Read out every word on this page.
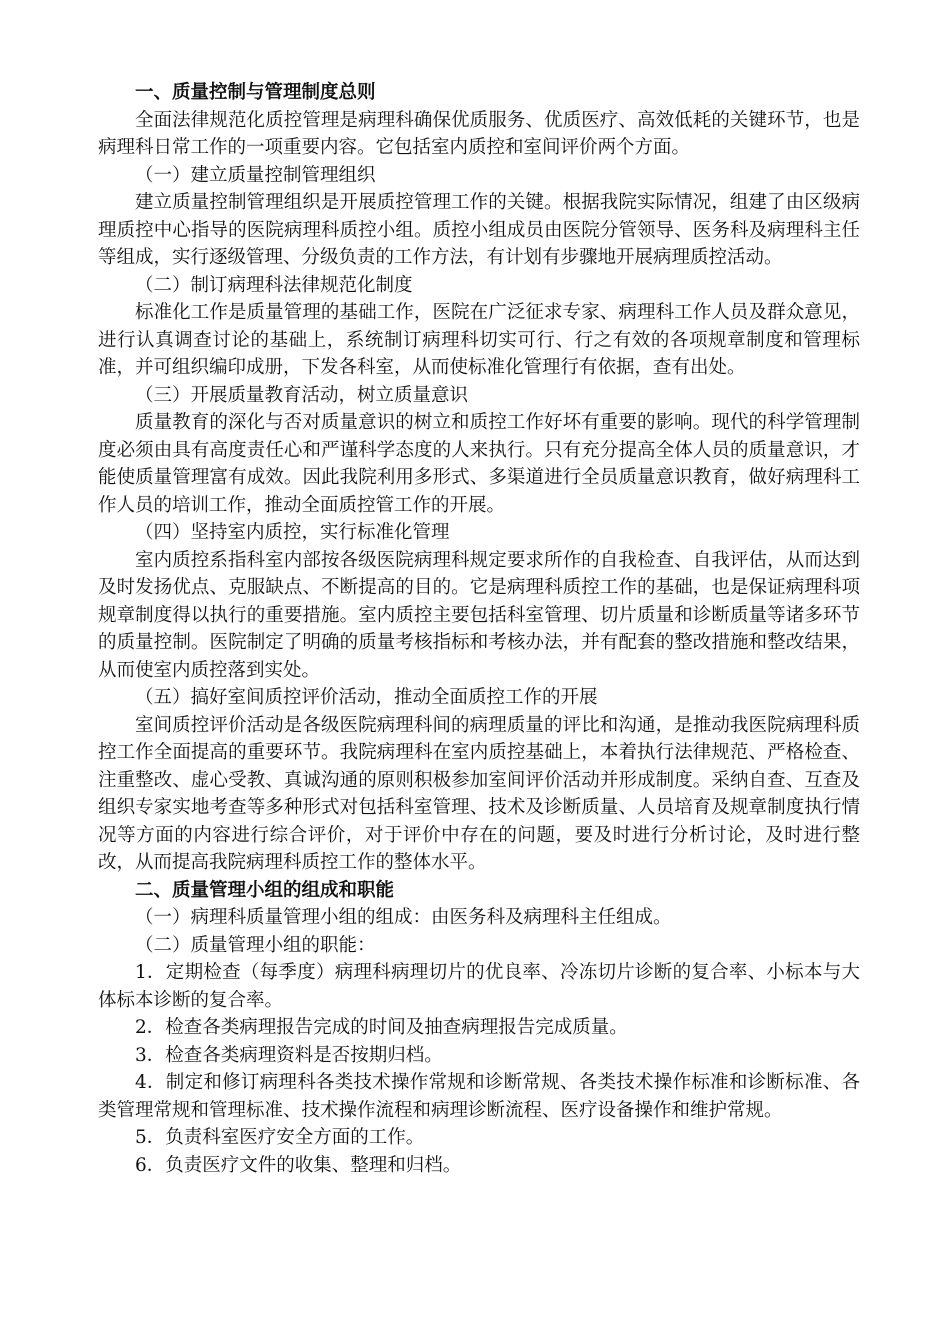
一、质量控制与管理制度总则

全面法律规范化质控管理是病理科确保优质服务、优质医疗、高效低耗的关键环节，也是病理科日常工作的一项重要内容。它包括室内质控和室间评价两个方面。

（一）建立质量控制管理组织

建立质量控制管理组织是开展质控管理工作的关键。根据我院实际情况，组建了由区级病理质控中心指导的医院病理科质控小组。质控小组成员由医院分管领导、医务科及病理科主任等组成，实行逐级管理、分级负责的工作方法，有计划有步骤地开展病理质控活动。

（二）制订病理科法律规范化制度

标准化工作是质量管理的基础工作，医院在广泛征求专家、病理科工作人员及群众意见，进行认真调查讨论的基础上，系统制订病理科切实可行、行之有效的各项规章制度和管理标准，并可组织编印成册，下发各科室，从而使标准化管理行有依据，查有出处。

（三）开展质量教育活动，树立质量意识

质量教育的深化与否对质量意识的树立和质控工作好坏有重要的影响。现代的科学管理制度必须由具有高度责任心和严谨科学态度的人来执行。只有充分提高全体人员的质量意识，才能使质量管理富有成效。因此我院利用多形式、多渠道进行全员质量意识教育，做好病理科工作人员的培训工作，推动全面质控管工作的开展。

（四）坚持室内质控，实行标准化管理

室内质控系指科室内部按各级医院病理科规定要求所作的自我检查、自我评估，从而达到及时发扬优点、克服缺点、不断提高的目的。它是病理科质控工作的基础，也是保证病理科项规章制度得以执行的重要措施。室内质控主要包括科室管理、切片质量和诊断质量等诸多环节的质量控制。医院制定了明确的质量考核指标和考核办法，并有配套的整改措施和整改结果，从而使室内质控落到实处。

（五）搞好室间质控评价活动，推动全面质控工作的开展

室间质控评价活动是各级医院病理科间的病理质量的评比和沟通，是推动我医院病理科质控工作全面提高的重要环节。我院病理科在室内质控基础上，本着执行法律规范、严格检查、注重整改、虚心受教、真诚沟通的原则积极参加室间评价活动并形成制度。采纳自查、互查及组织专家实地考查等多种形式对包括科室管理、技术及诊断质量、人员培育及规章制度执行情况等方面的内容进行综合评价，对于评价中存在的问题，要及时进行分析讨论，及时进行整改，从而提高我院病理科质控工作的整体水平。

二、质量管理小组的组成和职能

（一）病理科质量管理小组的组成：由医务科及病理科主任组成。

（二）质量管理小组的职能：

1．定期检查（每季度）病理科病理切片的优良率、冷冻切片诊断的复合率、小标本与大体标本诊断的复合率。

2．检查各类病理报告完成的时间及抽查病理报告完成质量。

3．检查各类病理资料是否按期归档。

4．制定和修订病理科各类技术操作常规和诊断常规、各类技术操作标准和诊断标准、各类管理常规和管理标准、技术操作流程和病理诊断流程、医疗设备操作和维护常规。

5．负责科室医疗安全方面的工作。

6．负责医疗文件的收集、整理和归档。
